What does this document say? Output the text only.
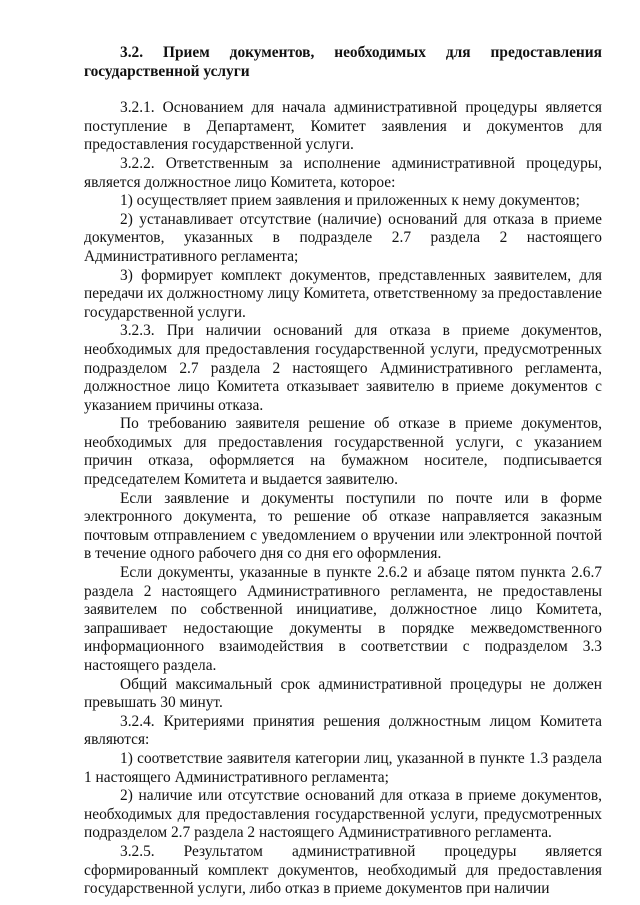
3.2. Прием документов, необходимых для предоставления государственной услуги

3.2.1. Основанием для начала административной процедуры является поступление в Департамент, Комитет заявления и документов для предоставления государственной услуги.

3.2.2. Ответственным за исполнение административной процедуры, является должностное лицо Комитета, которое:

1) осуществляет прием заявления и приложенных к нему документов;

2) устанавливает отсутствие (наличие) оснований для отказа в приеме документов, указанных в подразделе 2.7 раздела 2 настоящего Административного регламента;

3) формирует комплект документов, представленных заявителем, для передачи их должностному лицу Комитета, ответственному за предоставление государственной услуги.

3.2.3. При наличии оснований для отказа в приеме документов, необходимых для предоставления государственной услуги, предусмотренных подразделом 2.7 раздела 2 настоящего Административного регламента, должностное лицо Комитета отказывает заявителю в приеме документов с указанием причины отказа.

По требованию заявителя решение об отказе в приеме документов, необходимых для предоставления государственной услуги, с указанием причин отказа, оформляется на бумажном носителе, подписывается председателем Комитета и выдается заявителю.

Если заявление и документы поступили по почте или в форме электронного документа, то решение об отказе направляется заказным почтовым отправлением с уведомлением о вручении или электронной почтой в течение одного рабочего дня со дня его оформления.

Если документы, указанные в пункте 2.6.2 и абзаце пятом пункта 2.6.7 раздела 2 настоящего Административного регламента, не предоставлены заявителем по собственной инициативе, должностное лицо Комитета, запрашивает недостающие документы в порядке межведомственного информационного взаимодействия в соответствии с подразделом 3.3 настоящего раздела.

Общий максимальный срок административной процедуры не должен превышать 30 минут.

3.2.4. Критериями принятия решения должностным лицом Комитета являются:

1) соответствие заявителя категории лиц, указанной в пункте 1.3 раздела 1 настоящего Административного регламента;

2) наличие или отсутствие оснований для отказа в приеме документов, необходимых для предоставления государственной услуги, предусмотренных подразделом 2.7 раздела 2 настоящего Административного регламента.

3.2.5. Результатом административной процедуры является сформированный комплект документов, необходимый для предоставления государственной услуги, либо отказ в приеме документов при наличии
